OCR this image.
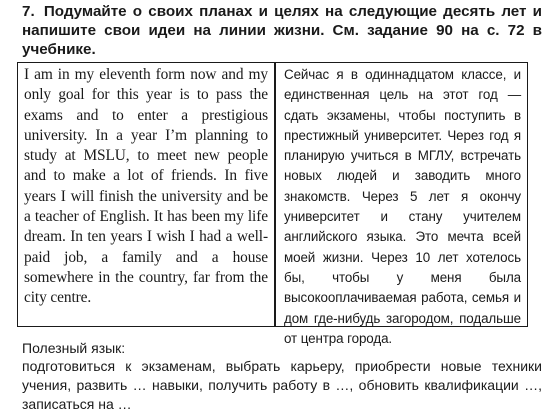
7. Подумайте о своих планах и целях на следующие десять лет и напишите свои идеи на линии жизни. См. задание 90 на с. 72 в учебнике.
I am in my eleventh form now and my only goal for this year is to pass the exams and to enter a prestigious university. In a year I’m planning to study at MSLU, to meet new people and to make a lot of friends. In five years I will finish the university and be a teacher of English. It has been my life dream. In ten years I wish I had a well-paid job, a family and a house somewhere in the country, far from the city centre.
Сейчас я в одиннадцатом классе, и единственная цель на этот год — сдать экзамены, чтобы поступить в престижный университет. Через год я планирую учиться в МГЛУ, встречать новых людей и заводить много знакомств. Через 5 лет я окончу университет и стану учителем английского языка. Это мечта всей моей жизни. Через 10 лет хотелось бы, чтобы у меня была высокооплачиваемая работа, семья и дом где-нибудь загородом, подальше от центра города.
Полезный язык:
подготовиться к экзаменам, выбрать карьеру, приобрести новые техники учения, развить … навыки, получить работу в …, обновить квалификации …, записаться на …
